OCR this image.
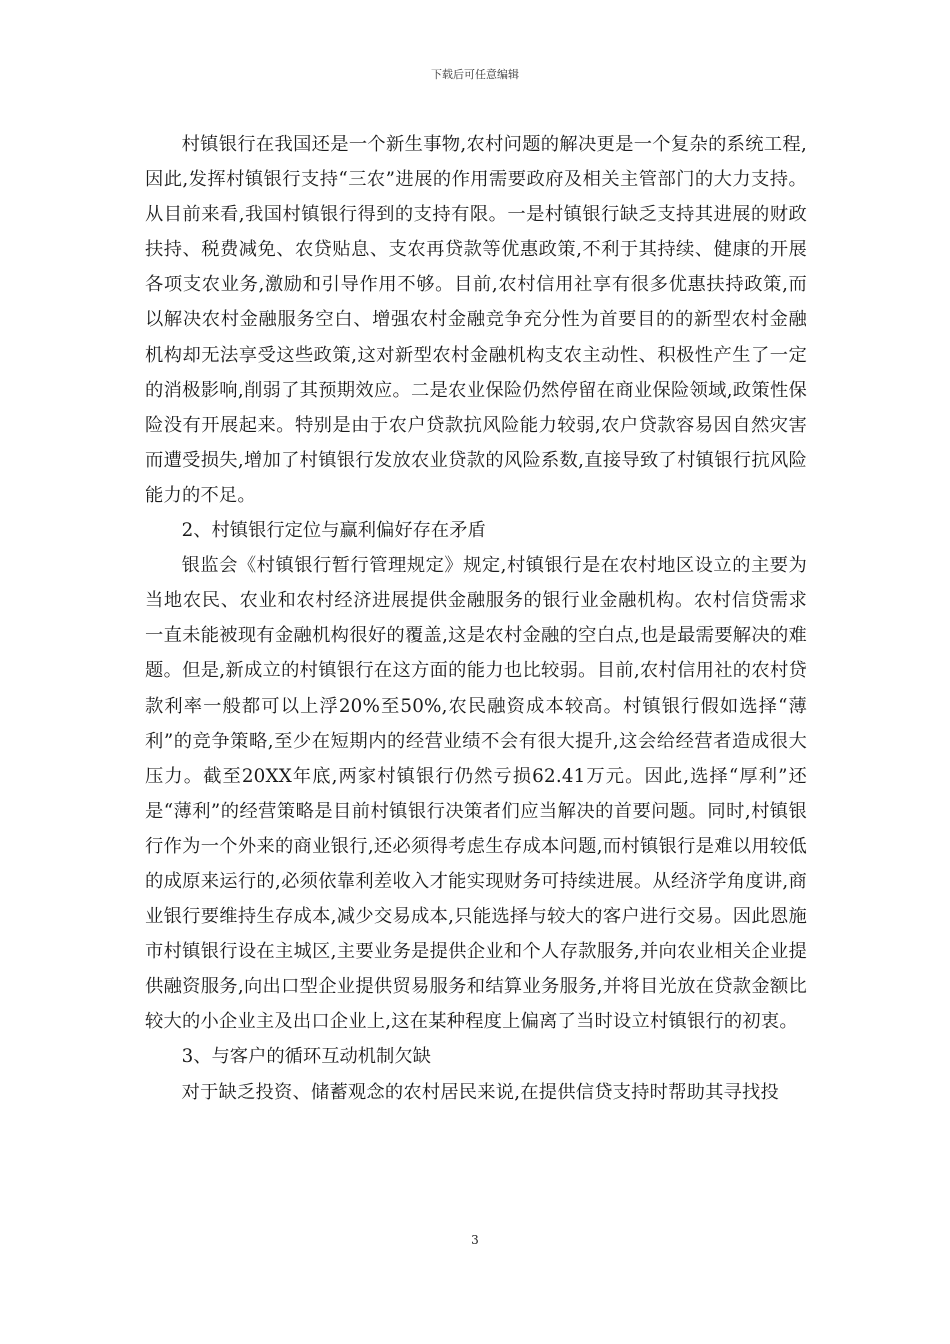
下载后可任意编辑

村镇银行在我国还是一个新生事物,农村问题的解决更是一个复杂的系统工程,因此,发挥村镇银行支持“三农”进展的作用需要政府及相关主管部门的大力支持。从目前来看,我国村镇银行得到的支持有限。一是村镇银行缺乏支持其进展的财政扶持、税费减免、农贷贴息、支农再贷款等优惠政策,不利于其持续、健康的开展各项支农业务,激励和引导作用不够。目前,农村信用社享有很多优惠扶持政策,而以解决农村金融服务空白、增强农村金融竞争充分性为首要目的的新型农村金融机构却无法享受这些政策,这对新型农村金融机构支农主动性、积极性产生了一定的消极影响,削弱了其预期效应。二是农业保险仍然停留在商业保险领域,政策性保险没有开展起来。特别是由于农户贷款抗风险能力较弱,农户贷款容易因自然灾害而遭受损失,增加了村镇银行发放农业贷款的风险系数,直接导致了村镇银行抗风险能力的不足。

2、村镇银行定位与赢利偏好存在矛盾

银监会《村镇银行暂行管理规定》规定,村镇银行是在农村地区设立的主要为当地农民、农业和农村经济进展提供金融服务的银行业金融机构。农村信贷需求一直未能被现有金融机构很好的覆盖,这是农村金融的空白点,也是最需要解决的难题。但是,新成立的村镇银行在这方面的能力也比较弱。目前,农村信用社的农村贷款利率一般都可以上浮20%至50%,农民融资成本较高。村镇银行假如选择“薄利”的竞争策略,至少在短期内的经营业绩不会有很大提升,这会给经营者造成很大压力。截至20XX年底,两家村镇银行仍然亏损62.41万元。因此,选择“厚利”还是“薄利”的经营策略是目前村镇银行决策者们应当解决的首要问题。同时,村镇银行作为一个外来的商业银行,还必须得考虑生存成本问题,而村镇银行是难以用较低的成原来运行的,必须依靠利差收入才能实现财务可持续进展。从经济学角度讲,商业银行要维持生存成本,减少交易成本,只能选择与较大的客户进行交易。因此恩施市村镇银行设在主城区,主要业务是提供企业和个人存款服务,并向农业相关企业提供融资服务,向出口型企业提供贸易服务和结算业务服务,并将目光放在贷款金额比较大的小企业主及出口企业上,这在某种程度上偏离了当时设立村镇银行的初衷。

3、与客户的循环互动机制欠缺

对于缺乏投资、储蓄观念的农村居民来说,在提供信贷支持时帮助其寻找投

3
